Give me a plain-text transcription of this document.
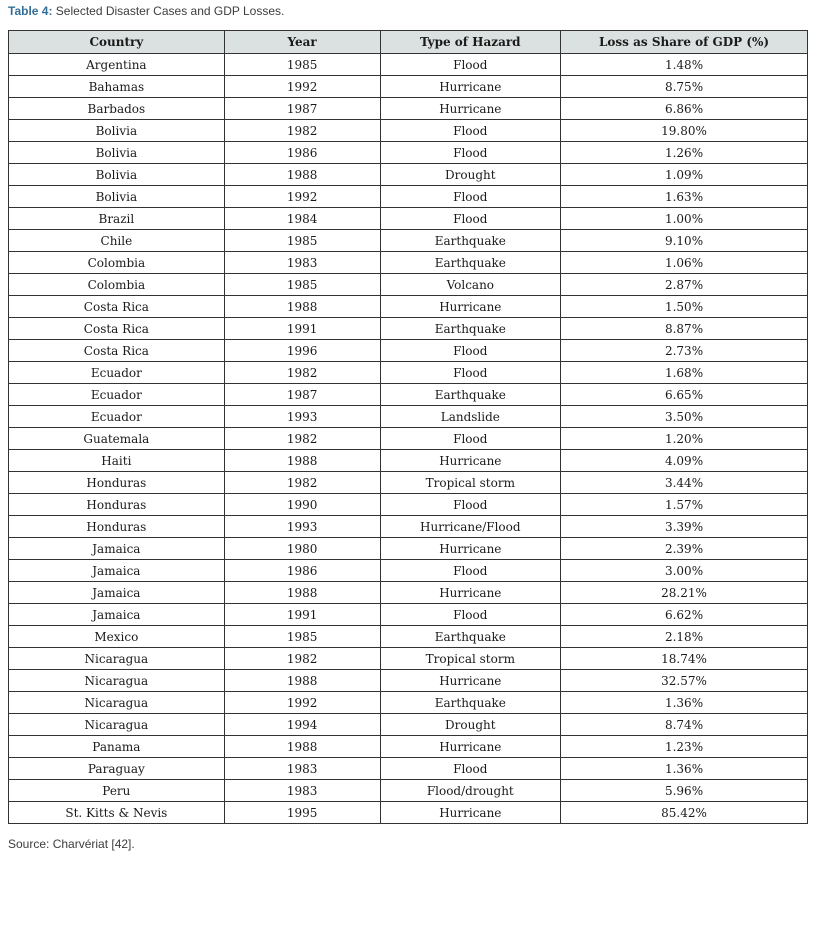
Table 4: Selected Disaster Cases and GDP Losses.

Country	Year	Type of Hazard	Loss as Share of GDP (%)
Argentina	1985	Flood	1.48%
Bahamas	1992	Hurricane	8.75%
Barbados	1987	Hurricane	6.86%
Bolivia	1982	Flood	19.80%
Bolivia	1986	Flood	1.26%
Bolivia	1988	Drought	1.09%
Bolivia	1992	Flood	1.63%
Brazil	1984	Flood	1.00%
Chile	1985	Earthquake	9.10%
Colombia	1983	Earthquake	1.06%
Colombia	1985	Volcano	2.87%
Costa Rica	1988	Hurricane	1.50%
Costa Rica	1991	Earthquake	8.87%
Costa Rica	1996	Flood	2.73%
Ecuador	1982	Flood	1.68%
Ecuador	1987	Earthquake	6.65%
Ecuador	1993	Landslide	3.50%
Guatemala	1982	Flood	1.20%
Haiti	1988	Hurricane	4.09%
Honduras	1982	Tropical storm	3.44%
Honduras	1990	Flood	1.57%
Honduras	1993	Hurricane/Flood	3.39%
Jamaica	1980	Hurricane	2.39%
Jamaica	1986	Flood	3.00%
Jamaica	1988	Hurricane	28.21%
Jamaica	1991	Flood	6.62%
Mexico	1985	Earthquake	2.18%
Nicaragua	1982	Tropical storm	18.74%
Nicaragua	1988	Hurricane	32.57%
Nicaragua	1992	Earthquake	1.36%
Nicaragua	1994	Drought	8.74%
Panama	1988	Hurricane	1.23%
Paraguay	1983	Flood	1.36%
Peru	1983	Flood/drought	5.96%
St. Kitts & Nevis	1995	Hurricane	85.42%

Source: Charvériat [42].
